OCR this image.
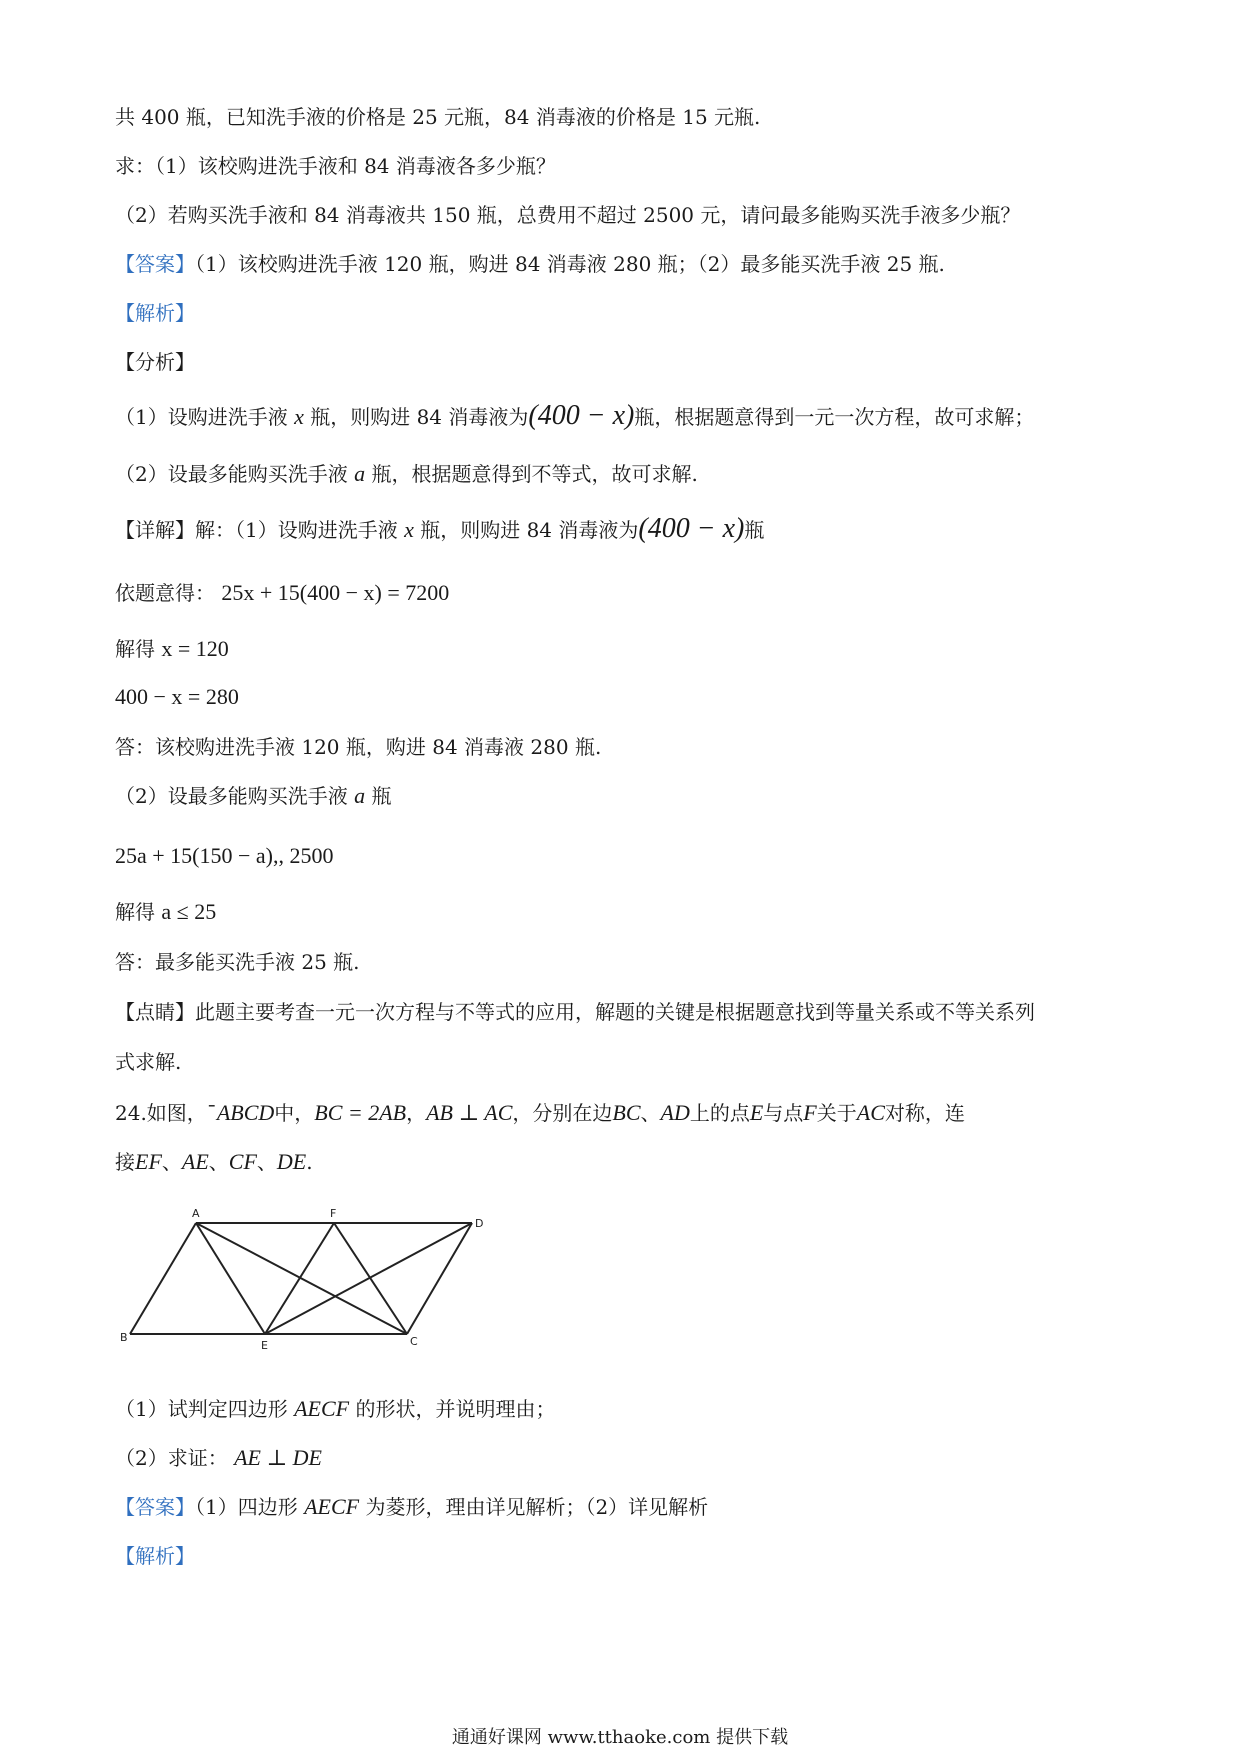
共 400 瓶，已知洗手液的价格是 25 元瓶，84 消毒液的价格是 15 元瓶.
求：（1）该校购进洗手液和 84 消毒液各多少瓶？
（2）若购买洗手液和 84 消毒液共 150 瓶，总费用不超过 2500 元，请问最多能购买洗手液多少瓶？
【答案】（1）该校购进洗手液 120 瓶，购进 84 消毒液 280 瓶；（2）最多能买洗手液 25 瓶.
【解析】
【分析】
（1）设购进洗手液 x 瓶，则购进 84 消毒液为(400 − x)瓶，根据题意得到一元一次方程，故可求解；
（2）设最多能购买洗手液 a 瓶，根据题意得到不等式，故可求解.
【详解】解：（1）设购进洗手液 x 瓶，则购进 84 消毒液为(400 − x)瓶
依题意得： 25x + 15(400 − x) = 7200
解得 x = 120
400 − x = 280
答：该校购进洗手液 120 瓶，购进 84 消毒液 280 瓶.
（2）设最多能购买洗手液 a 瓶
25a + 15(150 − a),, 2500
解得 a ≤ 25
答：最多能买洗手液 25 瓶.
【点睛】此题主要考查一元一次方程与不等式的应用，解题的关键是根据题意找到等量关系或不等关系列
式求解.
24.如图，¯ABCD中，BC = 2AB，AB ⊥ AC，分别在边BC、AD上的点E与点F关于AC对称，连
接EF、AE、CF、DE.
A	F
D
B
E	C
（1）试判定四边形 AECF 的形状，并说明理由；
（2）求证： AE ⊥ DE
【答案】（1）四边形 AECF 为菱形，理由详见解析；（2）详见解析
【解析】
通通好课网 www.tthaoke.com 提供下载
